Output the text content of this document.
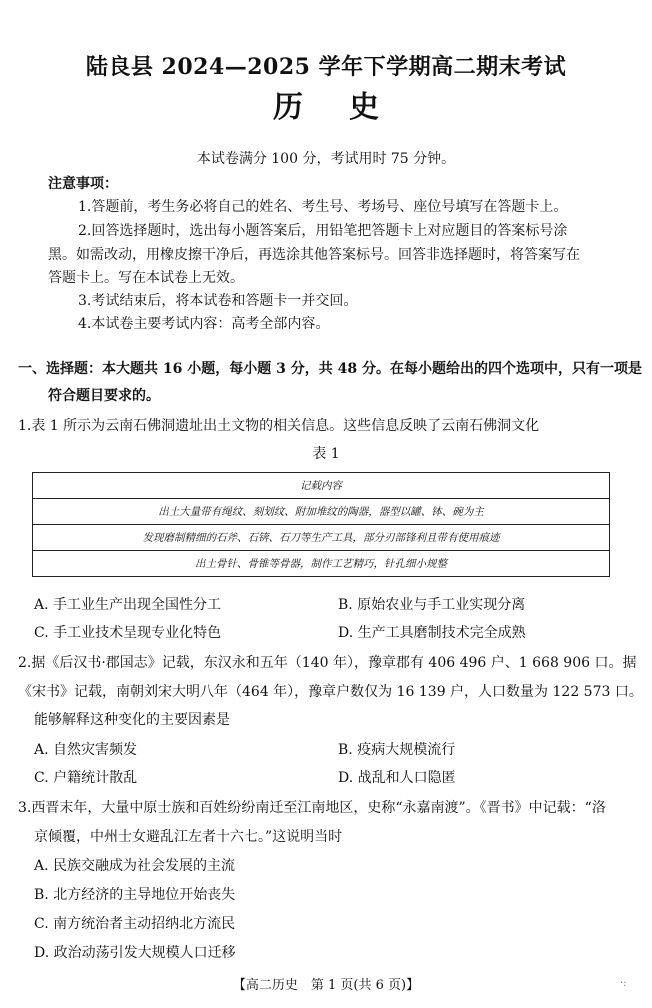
陆良县 2024—2025 学年下学期高二期末考试
历史
本试卷满分 100 分，考试用时 75 分钟。
注意事项：
1.答题前，考生务必将自己的姓名、考生号、考场号、座位号填写在答题卡上。
2.回答选择题时，选出每小题答案后，用铅笔把答题卡上对应题目的答案标号涂
黑。如需改动，用橡皮擦干净后，再选涂其他答案标号。回答非选择题时，将答案写在
答题卡上。写在本试卷上无效。
3.考试结束后，将本试卷和答题卡一并交回。
4.本试卷主要考试内容：高考全部内容。
一、选择题：本大题共 16 小题，每小题 3 分，共 48 分。在每小题给出的四个选项中，只有一项是
符合题目要求的。
1.表 1 所示为云南石佛洞遗址出土文物的相关信息。这些信息反映了云南石佛洞文化
表 1
记载内容
出土大量带有绳纹、刻划纹、附加堆纹的陶器，器型以罐、钵、碗为主
发现磨制精细的石斧、石锛、石刀等生产工具，部分刃部锋利且带有使用痕迹
出土骨针、骨锥等骨器，制作工艺精巧，针孔细小规整
A. 手工业生产出现全国性分工	B. 原始农业与手工业实现分离
C. 手工业技术呈现专业化特色	D. 生产工具磨制技术完全成熟
2.据《后汉书·郡国志》记载，东汉永和五年（140 年），豫章郡有 406 496 户、1 668 906 口。据
《宋书》记载，南朝刘宋大明八年（464 年），豫章户数仅为 16 139 户，人口数量为 122 573 口。
能够解释这种变化的主要因素是
A. 自然灾害频发	B. 疫病大规模流行
C. 户籍统计散乱	D. 战乱和人口隐匿
3.西晋末年，大量中原士族和百姓纷纷南迁至江南地区，史称“永嘉南渡”。《晋书》中记载：“洛
京倾覆，中州士女避乱江左者十六七。”这说明当时
A. 民族交融成为社会发展的主流
B. 北方经济的主导地位开始丧失
C. 南方统治者主动招纳北方流民
D. 政治动荡引发大规模人口迁移
【高二历史　第 1 页(共 6 页)】	·:
